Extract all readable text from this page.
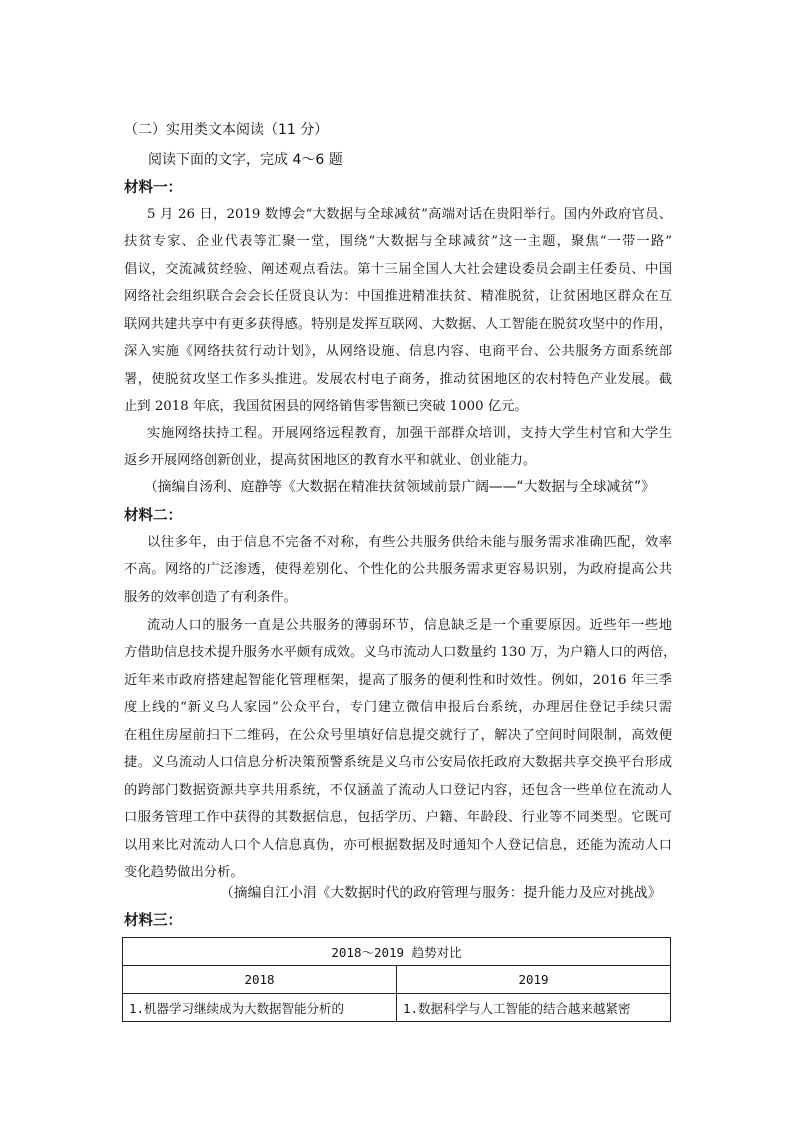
（二）实用类文本阅读（11 分）
阅读下面的文字，完成 4～6 题
材料一：
5 月 26 日，2019 数博会“大数据与全球减贫”高端对话在贵阳举行。国内外政府官员、
扶贫专家、企业代表等汇聚一堂，围绕“大数据与全球减贫”这一主题，聚焦“一带一路”
倡议，交流减贫经验、阐述观点看法。第十三届全国人大社会建设委员会副主任委员、中国
网络社会组织联合会会长任贤良认为：中国推进精准扶贫、精准脱贫，让贫困地区群众在互
联网共建共享中有更多获得感。特别是发挥互联网、大数据、人工智能在脱贫攻坚中的作用，
深入实施《网络扶贫行动计划》，从网络设施、信息内容、电商平台、公共服务方面系统部
署，使脱贫攻坚工作多头推进。发展农村电子商务，推动贫困地区的农村特色产业发展。截
止到 2018 年底，我国贫困县的网络销售零售额已突破 1000 亿元。
实施网络扶持工程。开展网络远程教育，加强干部群众培训，支持大学生村官和大学生
返乡开展网络创新创业，提高贫困地区的教育水平和就业、创业能力。
（摘编自汤利、庭静等《大数据在精准扶贫领域前景广阔——“大数据与全球减贫”》
材料二：
以往多年，由于信息不完备不对称，有些公共服务供给未能与服务需求准确匹配，效率
不高。网络的广泛渗透，使得差别化、个性化的公共服务需求更容易识别，为政府提高公共
服务的效率创造了有利条件。
流动人口的服务一直是公共服务的薄弱环节，信息缺乏是一个重要原因。近些年一些地
方借助信息技术提升服务水平颇有成效。义乌市流动人口数量约 130 万，为户籍人口的两倍，
近年来市政府搭建起智能化管理框架，提高了服务的便利性和时效性。例如，2016 年三季
度上线的“新义乌人家园”公众平台，专门建立微信申报后台系统，办理居住登记手续只需
在租住房屋前扫下二维码，在公众号里填好信息提交就行了，解决了空间时间限制，高效便
捷。义乌流动人口信息分析决策预警系统是义乌市公安局依托政府大数据共享交换平台形成
的跨部门数据资源共享共用系统，不仅涵盖了流动人口登记内容，还包含一些单位在流动人
口服务管理工作中获得的其数据信息，包括学历、户籍、年龄段、行业等不同类型。它既可
以用来比对流动人口个人信息真伪，亦可根据数据及时通知个人登记信息，还能为流动人口
变化趋势做出分析。
（摘编自江小涓《大数据时代的政府管理与服务：提升能力及应对挑战》
材料三：
2018～2019 趋势对比	
2018	2019
1.机器学习继续成为大数据智能分析的	1.数据科学与人工智能的结合越来越紧密
